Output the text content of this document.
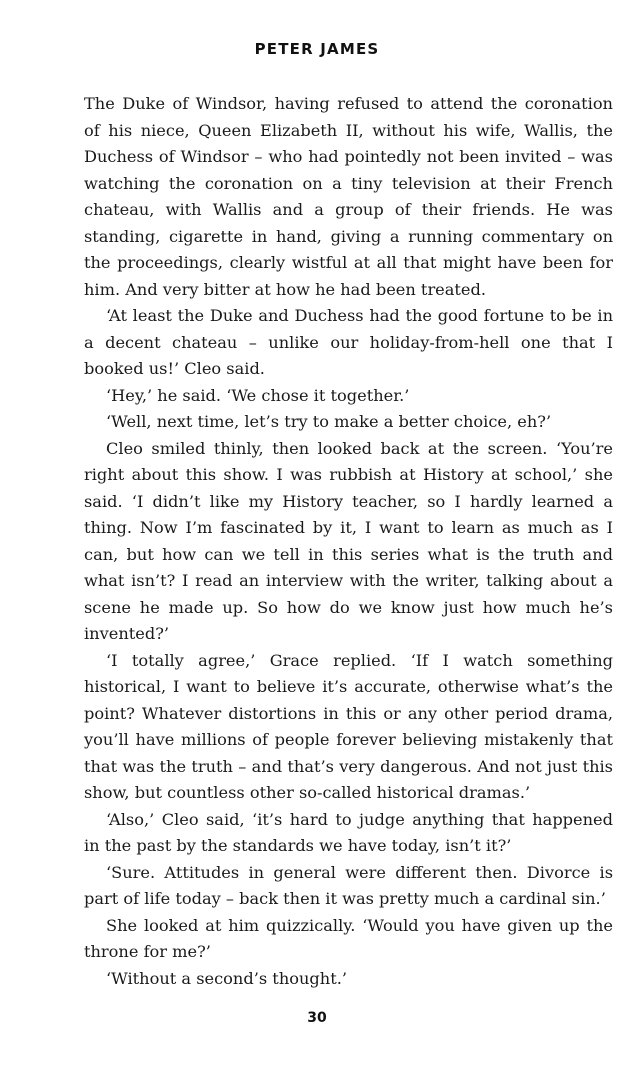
PETER JAMES

The Duke of Windsor, having refused to attend the coronation of his niece, Queen Elizabeth II, without his wife, Wallis, the Duchess of Windsor – who had pointedly not been invited – was watching the coronation on a tiny television at their French chateau, with Wallis and a group of their friends. He was standing, cigarette in hand, giving a running commentary on the proceedings, clearly wistful at all that might have been for him. And very bitter at how he had been treated.

‘At least the Duke and Duchess had the good fortune to be in a decent chateau – unlike our holiday-from-hell one that I booked us!’ Cleo said.

‘Hey,’ he said. ‘We chose it together.’

‘Well, next time, let’s try to make a better choice, eh?’

Cleo smiled thinly, then looked back at the screen. ‘You’re right about this show. I was rubbish at History at school,’ she said. ‘I didn’t like my History teacher, so I hardly learned a thing. Now I’m fascinated by it, I want to learn as much as I can, but how can we tell in this series what is the truth and what isn’t? I read an interview with the writer, talking about a scene he made up. So how do we know just how much he’s invented?’

‘I totally agree,’ Grace replied. ‘If I watch something historical, I want to believe it’s accurate, otherwise what’s the point? Whatever distortions in this or any other period drama, you’ll have millions of people forever believing mistakenly that that was the truth – and that’s very dangerous. And not just this show, but countless other so-called historical dramas.’

‘Also,’ Cleo said, ‘it’s hard to judge anything that happened in the past by the standards we have today, isn’t it?’

‘Sure. Attitudes in general were different then. Divorce is part of life today – back then it was pretty much a cardinal sin.’

She looked at him quizzically. ‘Would you have given up the throne for me?’

‘Without a second’s thought.’

30
